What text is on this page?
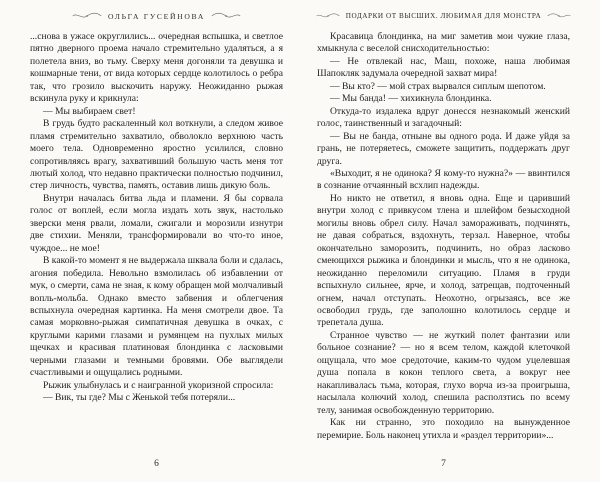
ОЛЬГА ГУСЕЙНОВА

...снова в ужасе округлились... очередная вспышка, и светлое пятно дверного проема начало стремительно удаляться, а я полетела вниз, во тьму. Сверху меня догоняли та девушка и кошмарные тени, от вида которых сердце колотилось о ребра так, что грозило выскочить наружу. Неожиданно рыжая вскинула руку и крикнула:

— Мы выбираем свет!

В грудь будто раскаленный кол воткнули, а следом живое пламя стремительно захватило, обволокло верхнюю часть моего тела. Одновременно яростно усилился, словно сопротивляясь врагу, захвативший большую часть меня тот лютый холод, что недавно практически полностью подчинил, стер личность, чувства, память, оставив лишь дикую боль.

Внутри началась битва льда и пламени. Я бы сорвала голос от воплей, если могла издать хоть звук, настолько зверски меня рвали, ломали, сжигали и морозили изнутри две стихии. Меняли, трансформировали во что-то иное, чуждое... не мое!

В какой-то момент я не выдержала шквала боли и сдалась, агония победила. Невольно взмолилась об избавлении от мук, о смерти, сама не зная, к кому обращен мой молчаливый вопль-мольба. Однако вместо забвения и облегчения вспыхнула очередная картинка. На меня смотрели двое. Та самая морковно-рыжая симпатичная девушка в очках, с круглыми карими глазами и румянцем на пухлых милых щечках и красивая платиновая блондинка с ласковыми черными глазами и темными бровями. Обе выглядели счастливыми и ощущались родными.

Рыжик улыбнулась и с наигранной укоризной спросила:

— Вик, ты где? Мы с Женькой тебя потеряли...

6
ПОДАРКИ ОТ ВЫСШИХ. ЛЮБИМАЯ ДЛЯ МОНСТРА

Красавица блондинка, на миг заметив мои чужие глаза, хмыкнула с веселой снисходительностью:

— Не отвлекай нас, Маш, похоже, наша любимая Шапокляк задумала очередной захват мира!

— Вы кто? — мой страх вырвался сиплым шепотом.

— Мы банда! — хихикнула блондинка.

Откуда-то издалека вдруг донесся незнакомый женский голос, таинственный и загадочный:

— Вы не банда, отныне вы одного рода. И даже уйдя за грань, не потеряетесь, сможете защитить, поддержать друг друга.

«Выходит, я не одинока? Я кому-то нужна?» — ввинтился в сознание отчаянный всхлип надежды.

Но никто не ответил, я вновь одна. Еще и царивший внутри холод с привкусом тлена и шлейфом безысходной могилы вновь обрел силу. Начал замораживать, подчинять, не давая собраться, вздохнуть, терзал. Наверное, чтобы окончательно заморозить, подчинить, но образ ласково смеющихся рыжика и блондинки и мысль, что я не одинока, неожиданно переломили ситуацию. Пламя в груди вспыхнуло сильнее, ярче, и холод, затрещав, подточенный огнем, начал отступать. Неохотно, огрызаясь, все же освободил грудь, где заполошно колотилось сердце и трепетала душа.

Странное чувство — не жуткий полет фантазии или больное сознание? — но я всем телом, каждой клеточкой ощущала, что мое средоточие, каким-то чудом уцелевшая душа попала в кокон теплого света, а вокруг нее накапливалась тьма, которая, глухо ворча из-за проигрыша, насылала колючий холод, спешила расползтись по всему телу, занимая освобожденную территорию.

Как ни странно, это походило на вынужденное перемирие. Боль наконец утихла и «раздел территории»...

7
